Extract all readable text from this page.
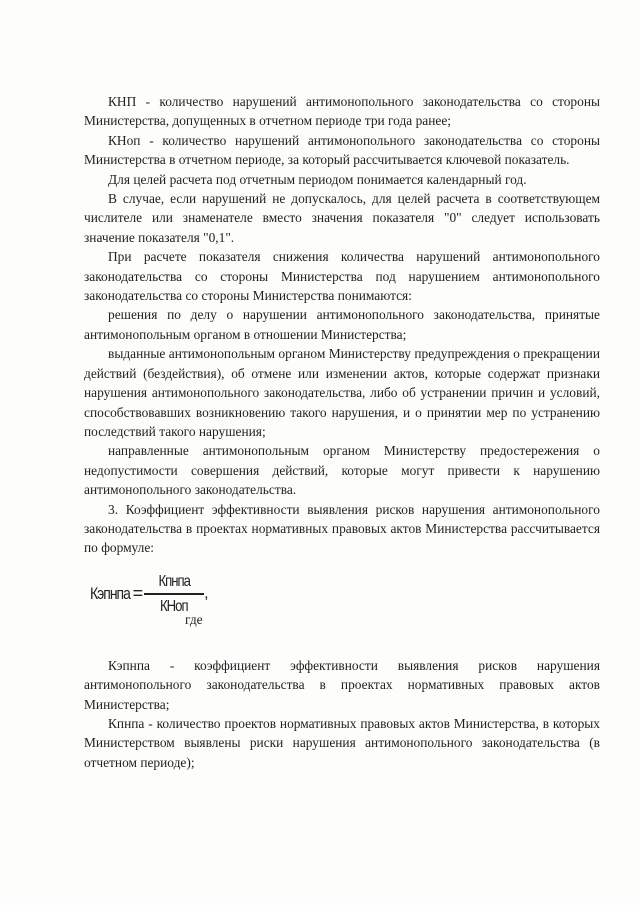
КНП - количество нарушений антимонопольного законодательства со стороны Министерства, допущенных в отчетном периоде три года ранее;

КНоп - количество нарушений антимонопольного законодательства со стороны Министерства в отчетном периоде, за который рассчитывается ключевой показатель.

Для целей расчета под отчетным периодом понимается календарный год.

В случае, если нарушений не допускалось, для целей расчета в соответствующем числителе или знаменателе вместо значения показателя "0" следует использовать значение показателя "0,1".

При расчете показателя снижения количества нарушений антимонопольного законодательства со стороны Министерства под нарушением антимонопольного законодательства со стороны Министерства понимаются:

решения по делу о нарушении антимонопольного законодательства, принятые антимонопольным органом в отношении Министерства;

выданные антимонопольным органом Министерству предупреждения о прекращении действий (бездействия), об отмене или изменении актов, которые содержат признаки нарушения антимонопольного законодательства, либо об устранении причин и условий, способствовавших возникновению такого нарушения, и о принятии мер по устранению последствий такого нарушения;

направленные антимонопольным органом Министерству предостережения о недопустимости совершения действий, которые могут привести к нарушению антимонопольного законодательства.

3. Коэффициент эффективности выявления рисков нарушения антимонопольного законодательства в проектах нормативных правовых актов Министерства рассчитывается по формуле:

Кэпнпа = $\frac{\text{Кпнпа}}{\text{КНоп}}$ ,
где

Кэпнпа - коэффициент эффективности выявления рисков нарушения антимонопольного законодательства в проектах нормативных правовых актов Министерства;

Кпнпа - количество проектов нормативных правовых актов Министерства, в которых Министерством выявлены риски нарушения антимонопольного законодательства (в отчетном периоде);
